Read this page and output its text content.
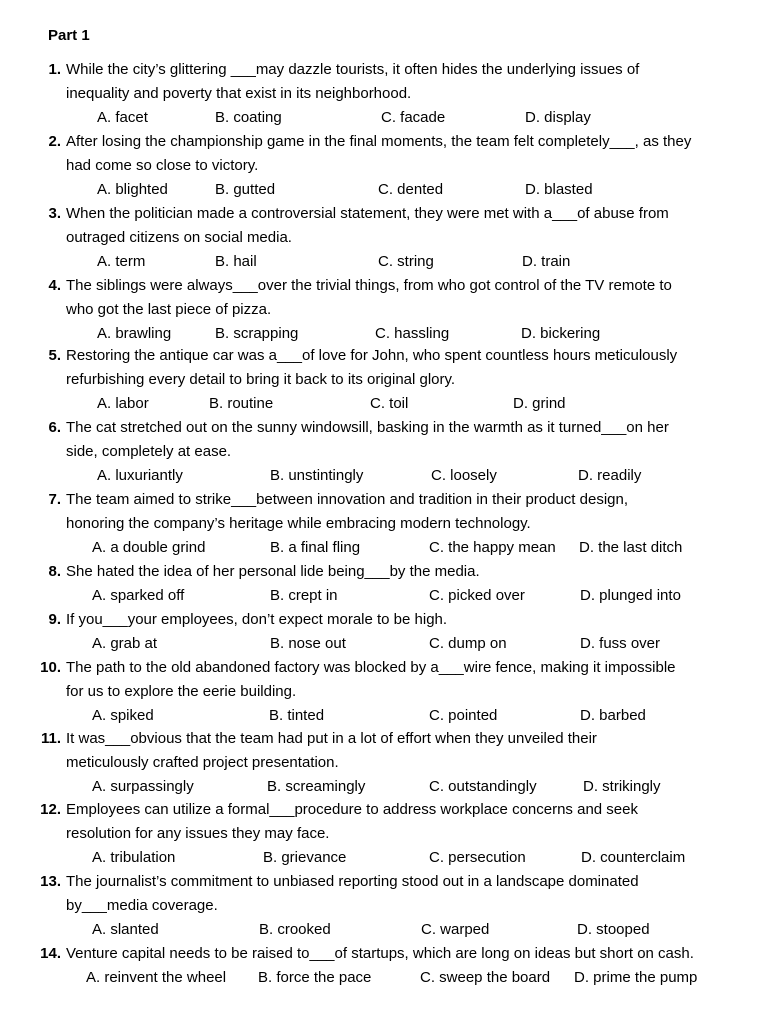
Part 1
While the city’s glittering ___may dazzle tourists, it often hides the underlying issues of
1.
inequality and poverty that exist in its neighborhood.
A. facet	B. coating	C. facade	D. display
After losing the championship game in the final moments, the team felt completely___, as they
2.
had come so close to victory.
A. blighted	B. gutted	C. dented	D. blasted
When the politician made a controversial statement, they were met with a___of abuse from
3.
outraged citizens on social media.
A. term	B. hail	C. string	D. train
The siblings were always___over the trivial things, from who got control of the TV remote to
4.
who got the last piece of pizza.
A. brawling	B. scrapping	C. hassling	D. bickering
Restoring the antique car was a___of love for John, who spent countless hours meticulously
5.
refurbishing every detail to bring it back to its original glory.
A. labor	B. routine	C. toil	D. grind
The cat stretched out on the sunny windowsill, basking in the warmth as it turned___on her
6.
side, completely at ease.
A. luxuriantly	B. unstintingly	C. loosely	D. readily
The team aimed to strike___between innovation and tradition in their product design,
7.
honoring the company’s heritage while embracing modern technology.
A. a double grind	B. a final fling	C. the happy mean D. the last ditch
She hated the idea of her personal lide being___by the media.
8.
A. sparked off	B. crept in	C. picked over	D. plunged into
If you___your employees, don’t expect morale to be high.
9.
A. grab at	B. nose out	C. dump on	D. fuss over
The path to the old abandoned factory was blocked by a___wire fence, making it impossible
10.
for us to explore the eerie building.
A. spiked	B. tinted	C. pointed	D. barbed
It was___obvious that the team had put in a lot of effort when they unveiled their
11.
meticulously crafted project presentation.
A. surpassingly	B. screamingly	C. outstandingly	D. strikingly
Employees can utilize a formal___procedure to address workplace concerns and seek
12.
resolution for any issues they may face.
A. tribulation	B. grievance	C. persecution	D. counterclaim
The journalist’s commitment to unbiased reporting stood out in a landscape dominated
13.
by___media coverage.
A. slanted	B. crooked	C. warped	D. stooped
Venture capital needs to be raised to___of startups, which are long on ideas but short on cash.
14.
A. reinvent the wheel B. force the pace	C. sweep the board D. prime the pump
